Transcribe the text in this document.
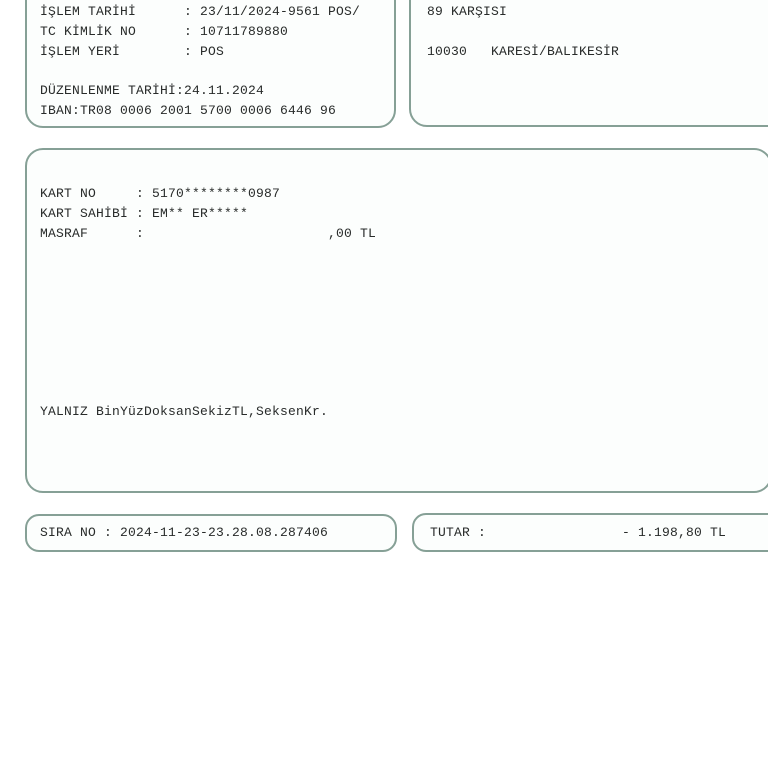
İŞLEM TARİHİ      : 23/11/2024-9561 POS/
TC KİMLİK NO      : 10711789880
İŞLEM YERİ        : POS
DÜZENLENME TARİHİ:24.11.2024
IBAN:TR08 0006 2001 5700 0006 6446 96
89 KARŞISI
10030   KARESİ/BALIKESİR
KART NO     : 5170********0987
KART SAHİBİ : EM** ER*****
MASRAF      :                       ,00 TL
YALNIZ BinYüzDoksanSekizTL,SeksenKr.
SIRA NO : 2024-11-23-23.28.08.287406	TUTAR :                 - 1.198,80 TL
